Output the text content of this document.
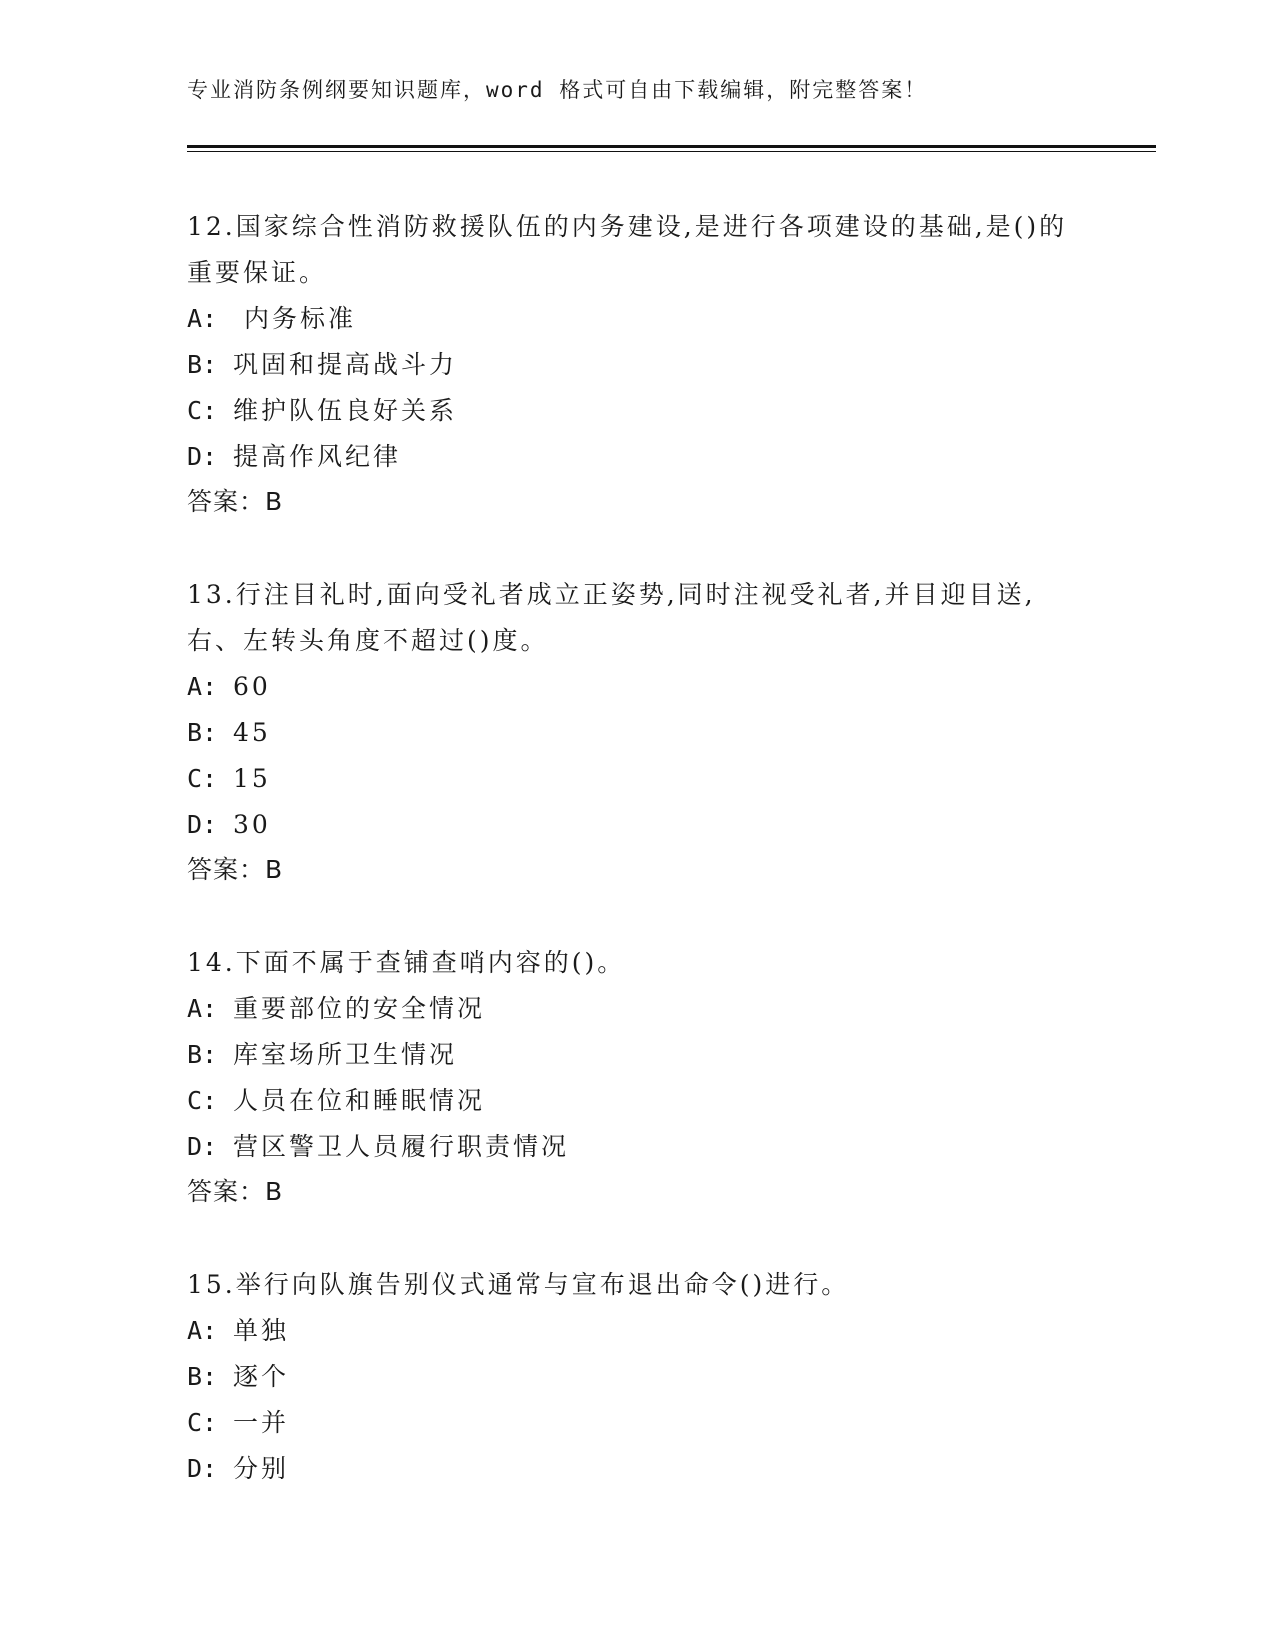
专业消防条例纲要知识题库，word 格式可自由下载编辑，附完整答案！
12.国家综合性消防救援队伍的内务建设,是进行各项建设的基础,是()的重要保证。
A: 内务标准
B: 巩固和提高战斗力
C: 维护队伍良好关系
D: 提高作风纪律
答案：B
13.行注目礼时,面向受礼者成立正姿势,同时注视受礼者,并目迎目送,右、左转头角度不超过()度。
A: 60
B: 45
C: 15
D: 30
答案：B
14.下面不属于查铺查哨内容的()。
A: 重要部位的安全情况
B: 库室场所卫生情况
C: 人员在位和睡眠情况
D: 营区警卫人员履行职责情况
答案：B
15.举行向队旗告别仪式通常与宣布退出命令()进行。
A: 单独
B: 逐个
C: 一并
D: 分别
